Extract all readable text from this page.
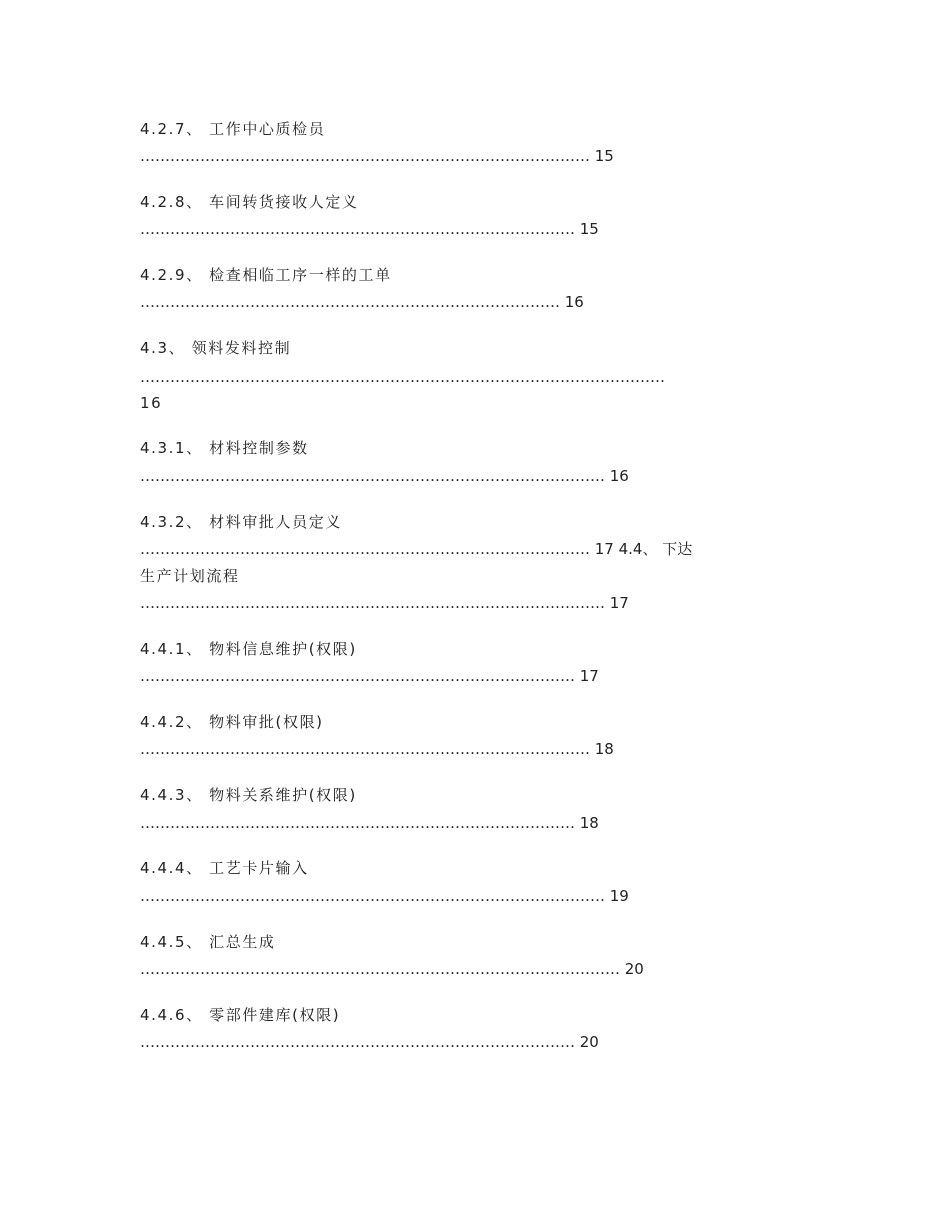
4.2.7、 工作中心质检员
……………………………………………………………………………… 15
4.2.8、 车间转货接收人定义
…………………………………………………………………………… 15
4.2.9、 检查相临工序一样的工单
………………………………………………………………………… 16
4.3、 领料发料控制
……………………………………………………………………………………………
16
4.3.1、 材料控制参数
………………………………………………………………………………… 16
4.3.2、 材料审批人员定义
……………………………………………………………………………… 17 4.4、 下达
生产计划流程
………………………………………………………………………………… 17
4.4.1、 物料信息维护(权限)
…………………………………………………………………………… 17
4.4.2、 物料审批(权限)
……………………………………………………………………………… 18
4.4.3、 物料关系维护(权限)
…………………………………………………………………………… 18
4.4.4、 工艺卡片输入
………………………………………………………………………………… 19
4.4.5、 汇总生成
…………………………………………………………………………………… 20
4.4.6、 零部件建库(权限)
…………………………………………………………………………… 20
